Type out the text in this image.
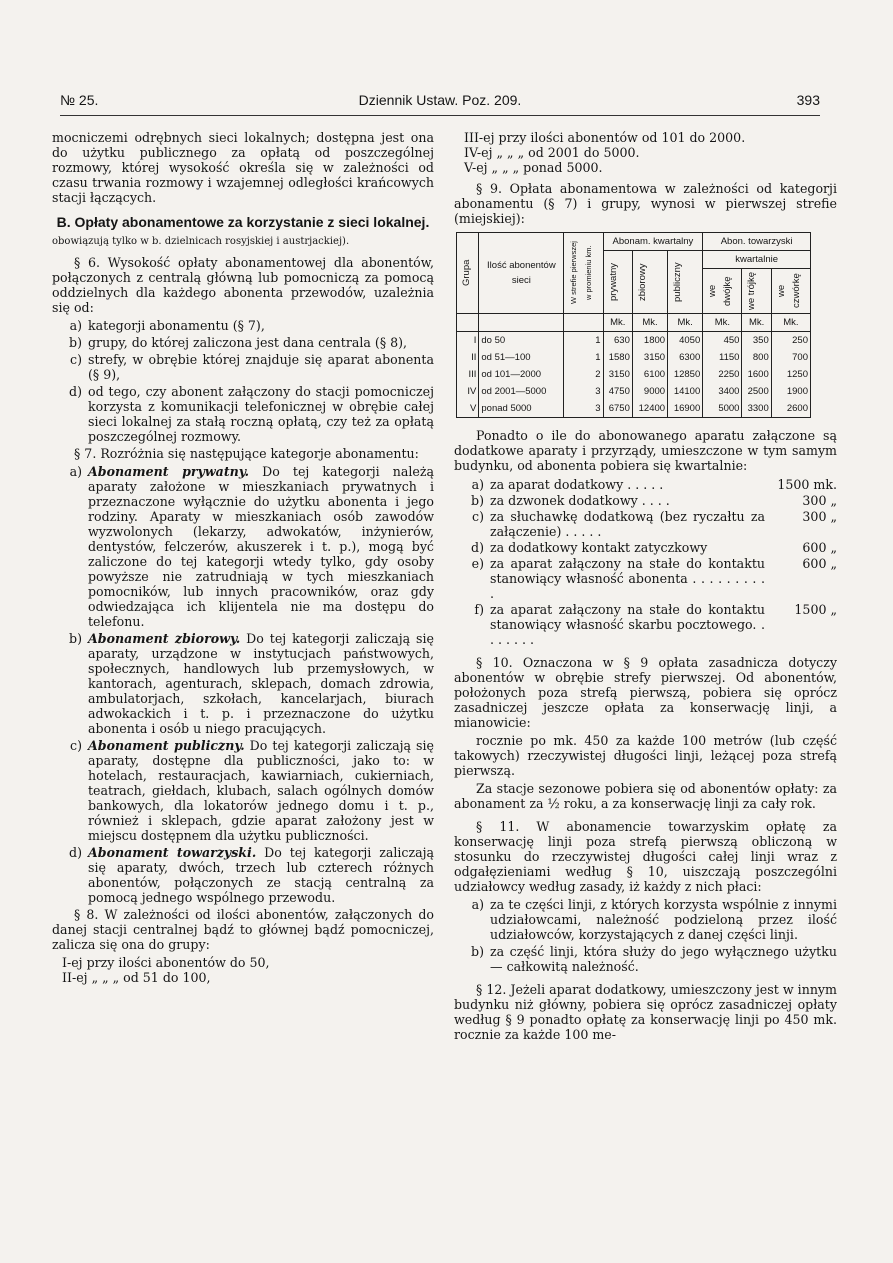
№ 25.	Dziennik Ustaw. Poz. 209.	393

mocniczemi odrębnych sieci lokalnych; dostępna jest ona do użytku publicznego za opłatą od poszczególnej rozmowy, której wysokość określa się w zależności od czasu trwania rozmowy i wzajemnej odległości krańcowych stacji łączących.

B. Opłaty abonamentowe za korzystanie z sieci lokalnej.

obowiązują tylko w b. dzielnicach rosyjskiej i austrjackiej).

§ 6. Wysokość opłaty abonamentowej dla abonentów, połączonych z centralą główną lub pomocniczą za pomocą oddzielnych dla każdego abonenta przewodów, uzależnia się od:

a) kategorji abonamentu (§ 7),
b) grupy, do której zaliczona jest dana centrala (§ 8),
c) strefy, w obrębie której znajduje się aparat abonenta (§ 9),
d) od tego, czy abonent załączony do stacji pomocniczej korzysta z komunikacji telefonicznej w obrębie całej sieci lokalnej za stałą roczną opłatą, czy też za opłatą poszczególnej rozmowy.

§ 7. Rozróżnia się następujące kategorje abonamentu:

a) Abonament prywatny. Do tej kategorji należą aparaty założone w mieszkaniach prywatnych i przeznaczone wyłącznie do użytku abonenta i jego rodziny. Aparaty w mieszkaniach osób zawodów wyzwolonych (lekarzy, adwokatów, inżynierów, dentystów, felczerów, akuszerek i t. p.), mogą być zaliczone do tej kategorji wtedy tylko, gdy osoby powyższe nie zatrudniają w tych mieszkaniach pomocników, lub innych pracowników, oraz gdy odwiedzająca ich klijentela nie ma dostępu do telefonu.
b) Abonament zbiorowy. Do tej kategorji zaliczają się aparaty, urządzone w instytucjach państwowych, społecznych, handlowych lub przemysłowych, w kantorach, agenturach, sklepach, domach zdrowia, ambulatorjach, szkołach, kancelarjach, biurach adwokackich i t. p. i przeznaczone do użytku abonenta i osób u niego pracujących.
c) Abonament publiczny. Do tej kategorji zaliczają się aparaty, dostępne dla publiczności, jako to: w hotelach, restauracjach, kawiarniach, cukierniach, teatrach, giełdach, klubach, salach ogólnych domów bankowych, dla lokatorów jednego domu i t. p., również i sklepach, gdzie aparat założony jest w miejscu dostępnem dla użytku publiczności.
d) Abonament towarzyski. Do tej kategorji zaliczają się aparaty, dwóch, trzech lub czterech różnych abonentów, połączonych ze stacją centralną za pomocą jednego wspólnego przewodu.

§ 8. W zależności od ilości abonentów, załączonych do danej stacji centralnej bądź to głównej bądź pomocniczej, zalicza się ona do grupy:

I-ej przy ilości abonentów do 50,

II-ej „ „ „ od 51 do 100,

III-ej przy ilości abonentów od 101 do 2000.

IV-ej „ „ „ od 2001 do 5000.

V-ej „ „ „ ponad 5000.

§ 9. Opłata abonamentowa w zależności od kategorji abonamentu (§ 7) i grupy, wynosi w pierwszej strefie (miejskiej):

Grupa	Ilość abonentów sieci	W strefie pierwszej w promieniu km.	Abonam. kwartalny			Abon. towarzyski		

			prywatny	zbiorowy	publiczny	kwartalnie		

						we dwójkę	we trójkę	we czwórkę

			Mk.	Mk.	Mk.	Mk.	Mk.	Mk.
I	do 50	1	630	1800	4050	450	350	250
II	od 51—100	1	1580	3150	6300	1150	800	700
III	od 101—2000	2	3150	6100	12850	2250	1600	1250
IV	od 2001—5000	3	4750	9000	14100	3400	2500	1900
V	ponad 5000	3	6750	12400	16900	5000	3300	2600

Ponadto o ile do abonowanego aparatu załączone są dodatkowe aparaty i przyrządy, umieszczone w tym samym budynku, od abonenta pobiera się kwartalnie:

a) za aparat dodatkowy . . . . .	1500 mk.
b) za dzwonek dodatkowy . . . .	300 „
c) za słuchawkę dodatkową (bez ryczałtu za załączenie) . . . . .
300 „
d) za dodatkowy kontakt zatyczkowy	600 „
e) za aparat załączony na stałe do kontaktu stanowiący własność abonenta . . . . . . . . . .
600 „
f) za aparat załączony na stałe do kontaktu stanowiący własność skarbu pocztowego. . . . . . . .
1500 „

§ 10. Oznaczona w § 9 opłata zasadnicza dotyczy abonentów w obrębie strefy pierwszej. Od abonentów, położonych poza strefą pierwszą, pobiera się oprócz zasadniczej jeszcze opłata za konserwację linji, a mianowicie:

rocznie po mk. 450 za każde 100 metrów (lub część takowych) rzeczywistej długości linji, leżącej poza strefą pierwszą.

Za stacje sezonowe pobiera się od abonentów opłaty: za abonament za ½ roku, a za konserwację linji za cały rok.

§ 11. W abonamencie towarzyskim opłatę za konserwację linji poza strefą pierwszą obliczoną w stosunku do rzeczywistej długości całej linji wraz z odgałęzieniami według § 10, uiszczają poszczególni udziałowcy według zasady, iż każdy z nich płaci:

a) za te części linji, z których korzysta wspólnie z innymi udziałowcami, należność podzieloną przez ilość udziałowców, korzystających z danej części linji.
b) za część linji, która służy do jego wyłącznego użytku — całkowitą należność.

§ 12. Jeżeli aparat dodatkowy, umieszczony jest w innym budynku niż główny, pobiera się oprócz zasadniczej opłaty według § 9 ponadto opłatę za konserwację linji po 450 mk. rocznie za każde 100 me-
